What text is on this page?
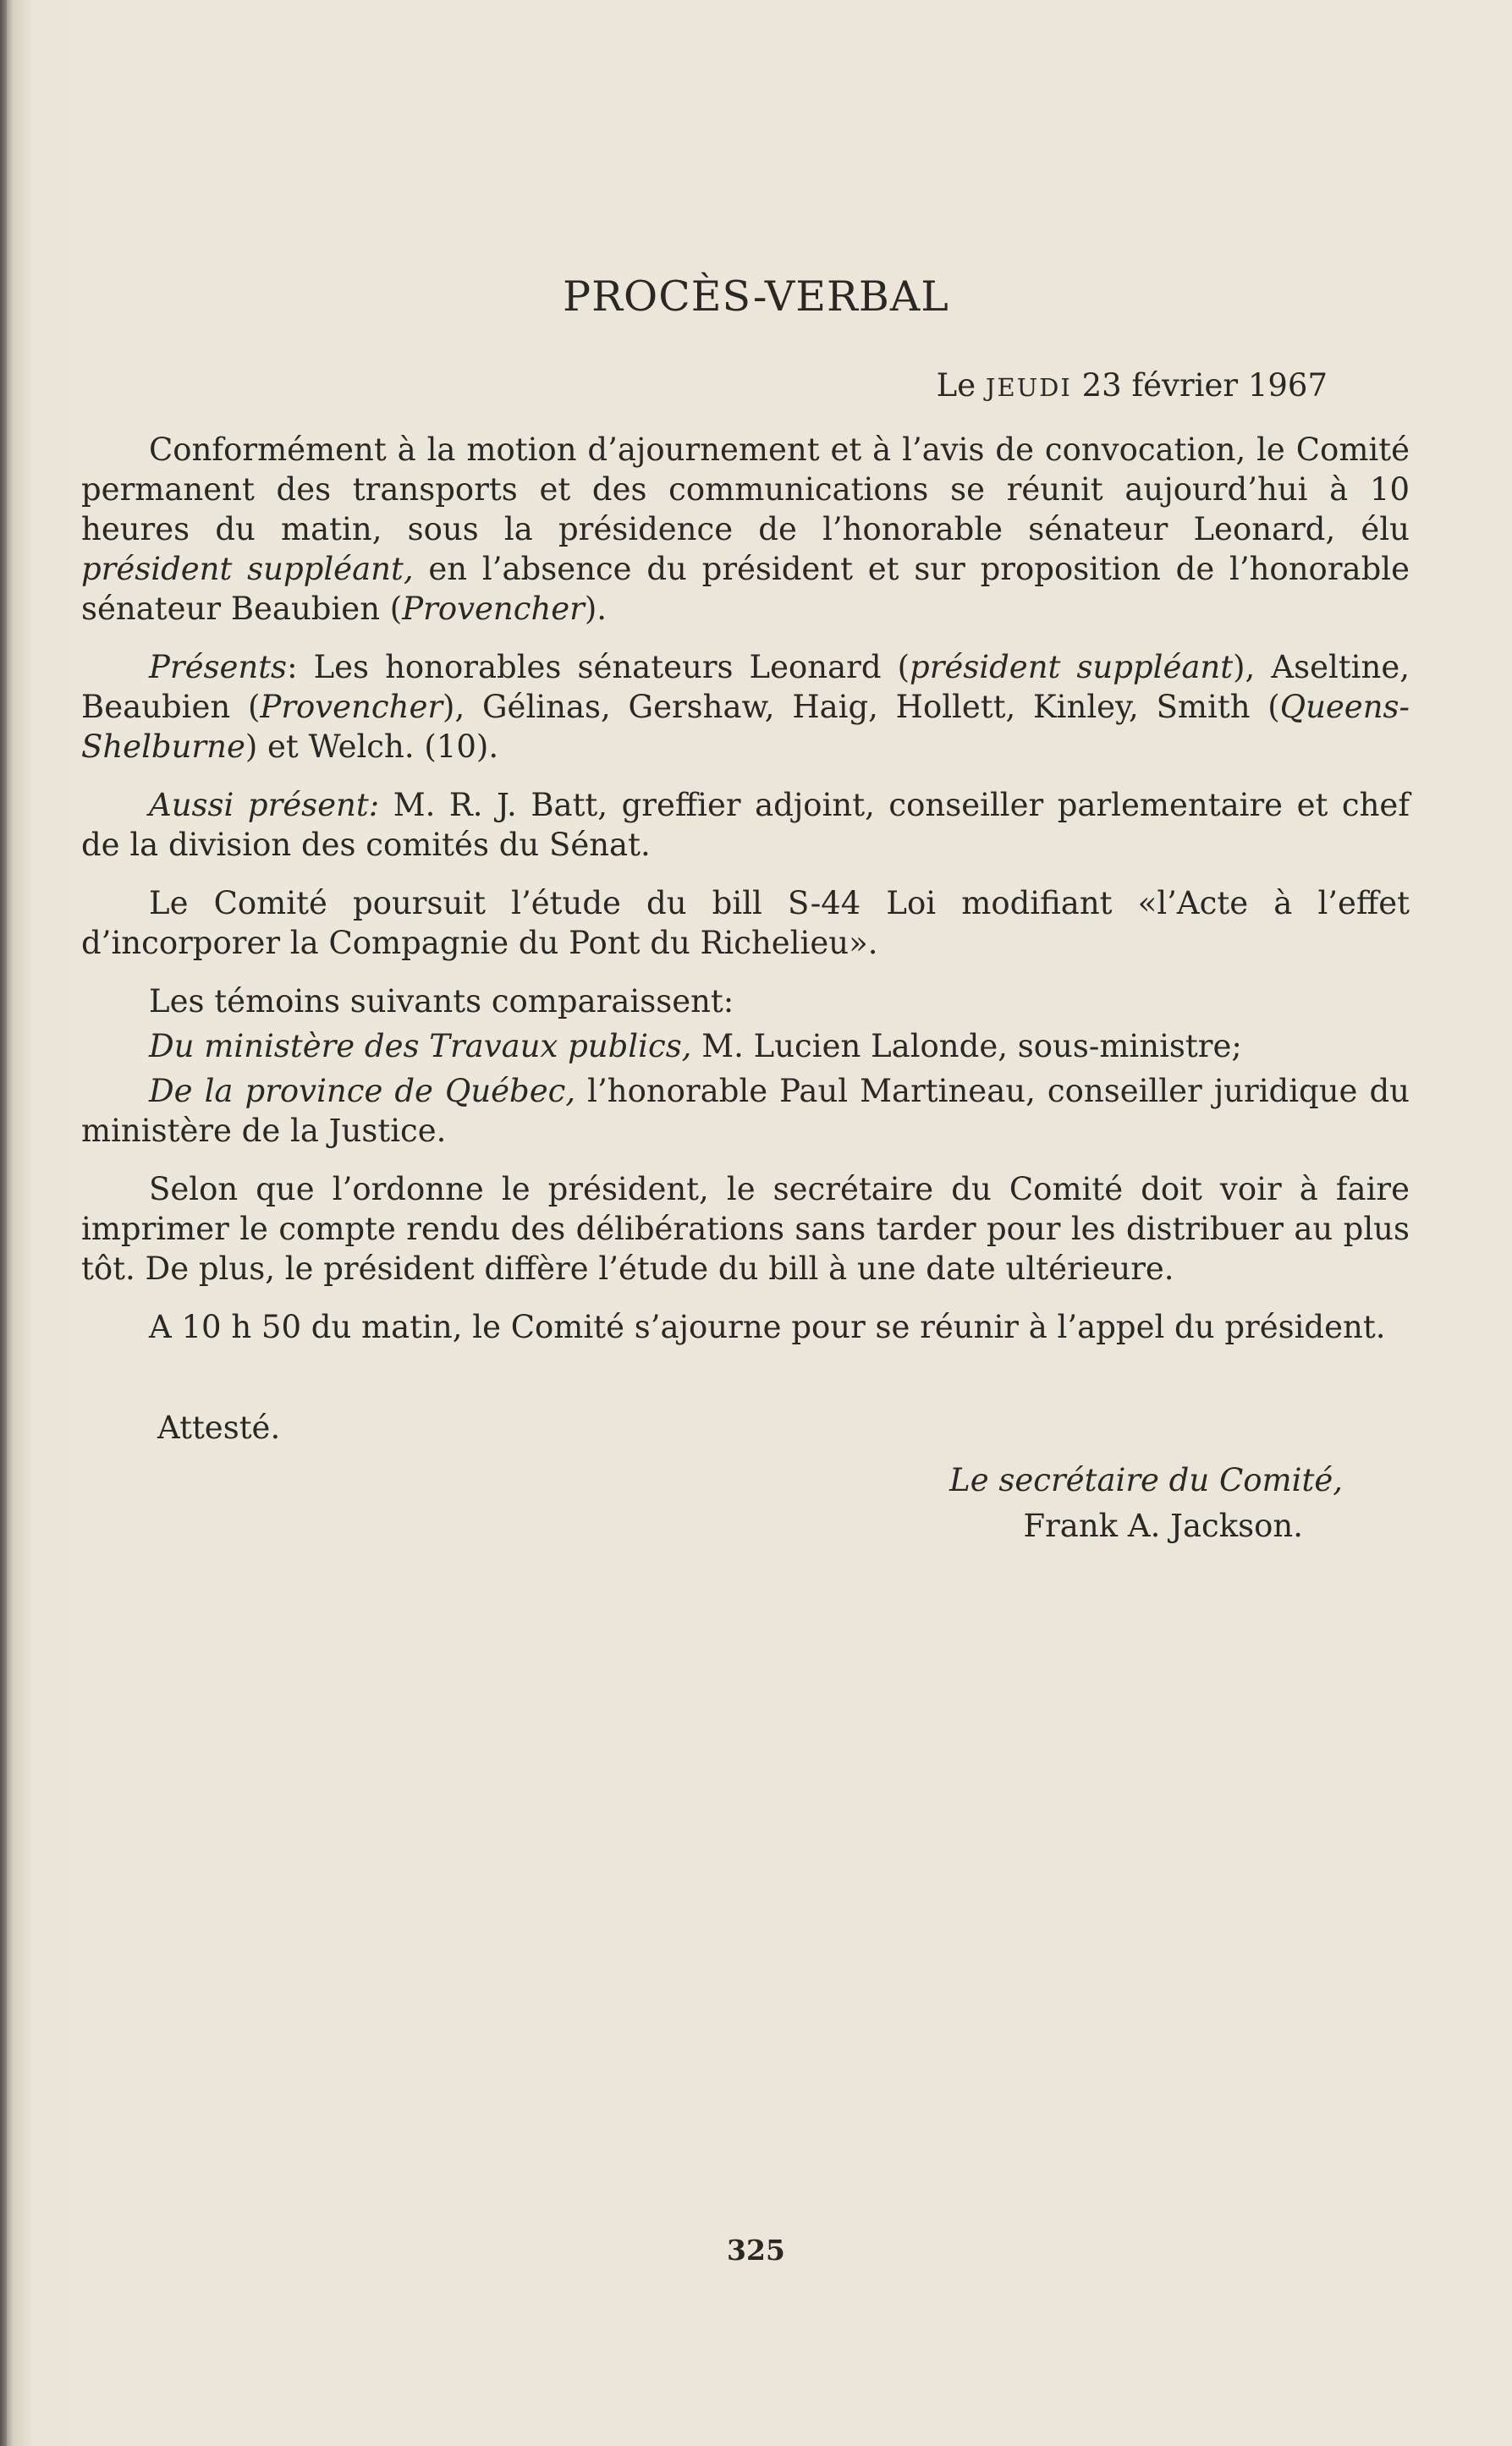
PROCÈS-VERBAL
Le JEUDI 23 février 1967

Conformément à la motion d’ajournement et à l’avis de convocation, le Comité permanent des transports et des communications se réunit aujourd’hui à 10 heures du matin, sous la présidence de l’honorable sénateur Leonard, élu président suppléant, en l’absence du président et sur proposition de l’honorable sénateur Beaubien (Provencher).

Présents: Les honorables sénateurs Leonard (président suppléant), Aseltine, Beaubien (Provencher), Gélinas, Gershaw, Haig, Hollett, Kinley, Smith (Queens-Shelburne) et Welch. (10).

Aussi présent: M. R. J. Batt, greffier adjoint, conseiller parlementaire et chef de la division des comités du Sénat.

Le Comité poursuit l’étude du bill S-44 Loi modifiant «l’Acte à l’effet d’incorporer la Compagnie du Pont du Richelieu».

Les témoins suivants comparaissent:

Du ministère des Travaux publics, M. Lucien Lalonde, sous-ministre;

De la province de Québec, l’honorable Paul Martineau, conseiller juridique du ministère de la Justice.

Selon que l’ordonne le président, le secrétaire du Comité doit voir à faire imprimer le compte rendu des délibérations sans tarder pour les distribuer au plus tôt. De plus, le président diffère l’étude du bill à une date ultérieure.

A 10 h 50 du matin, le Comité s’ajourne pour se réunir à l’appel du président.

Attesté.
Le secrétaire du Comité,
Frank A. Jackson.
325
